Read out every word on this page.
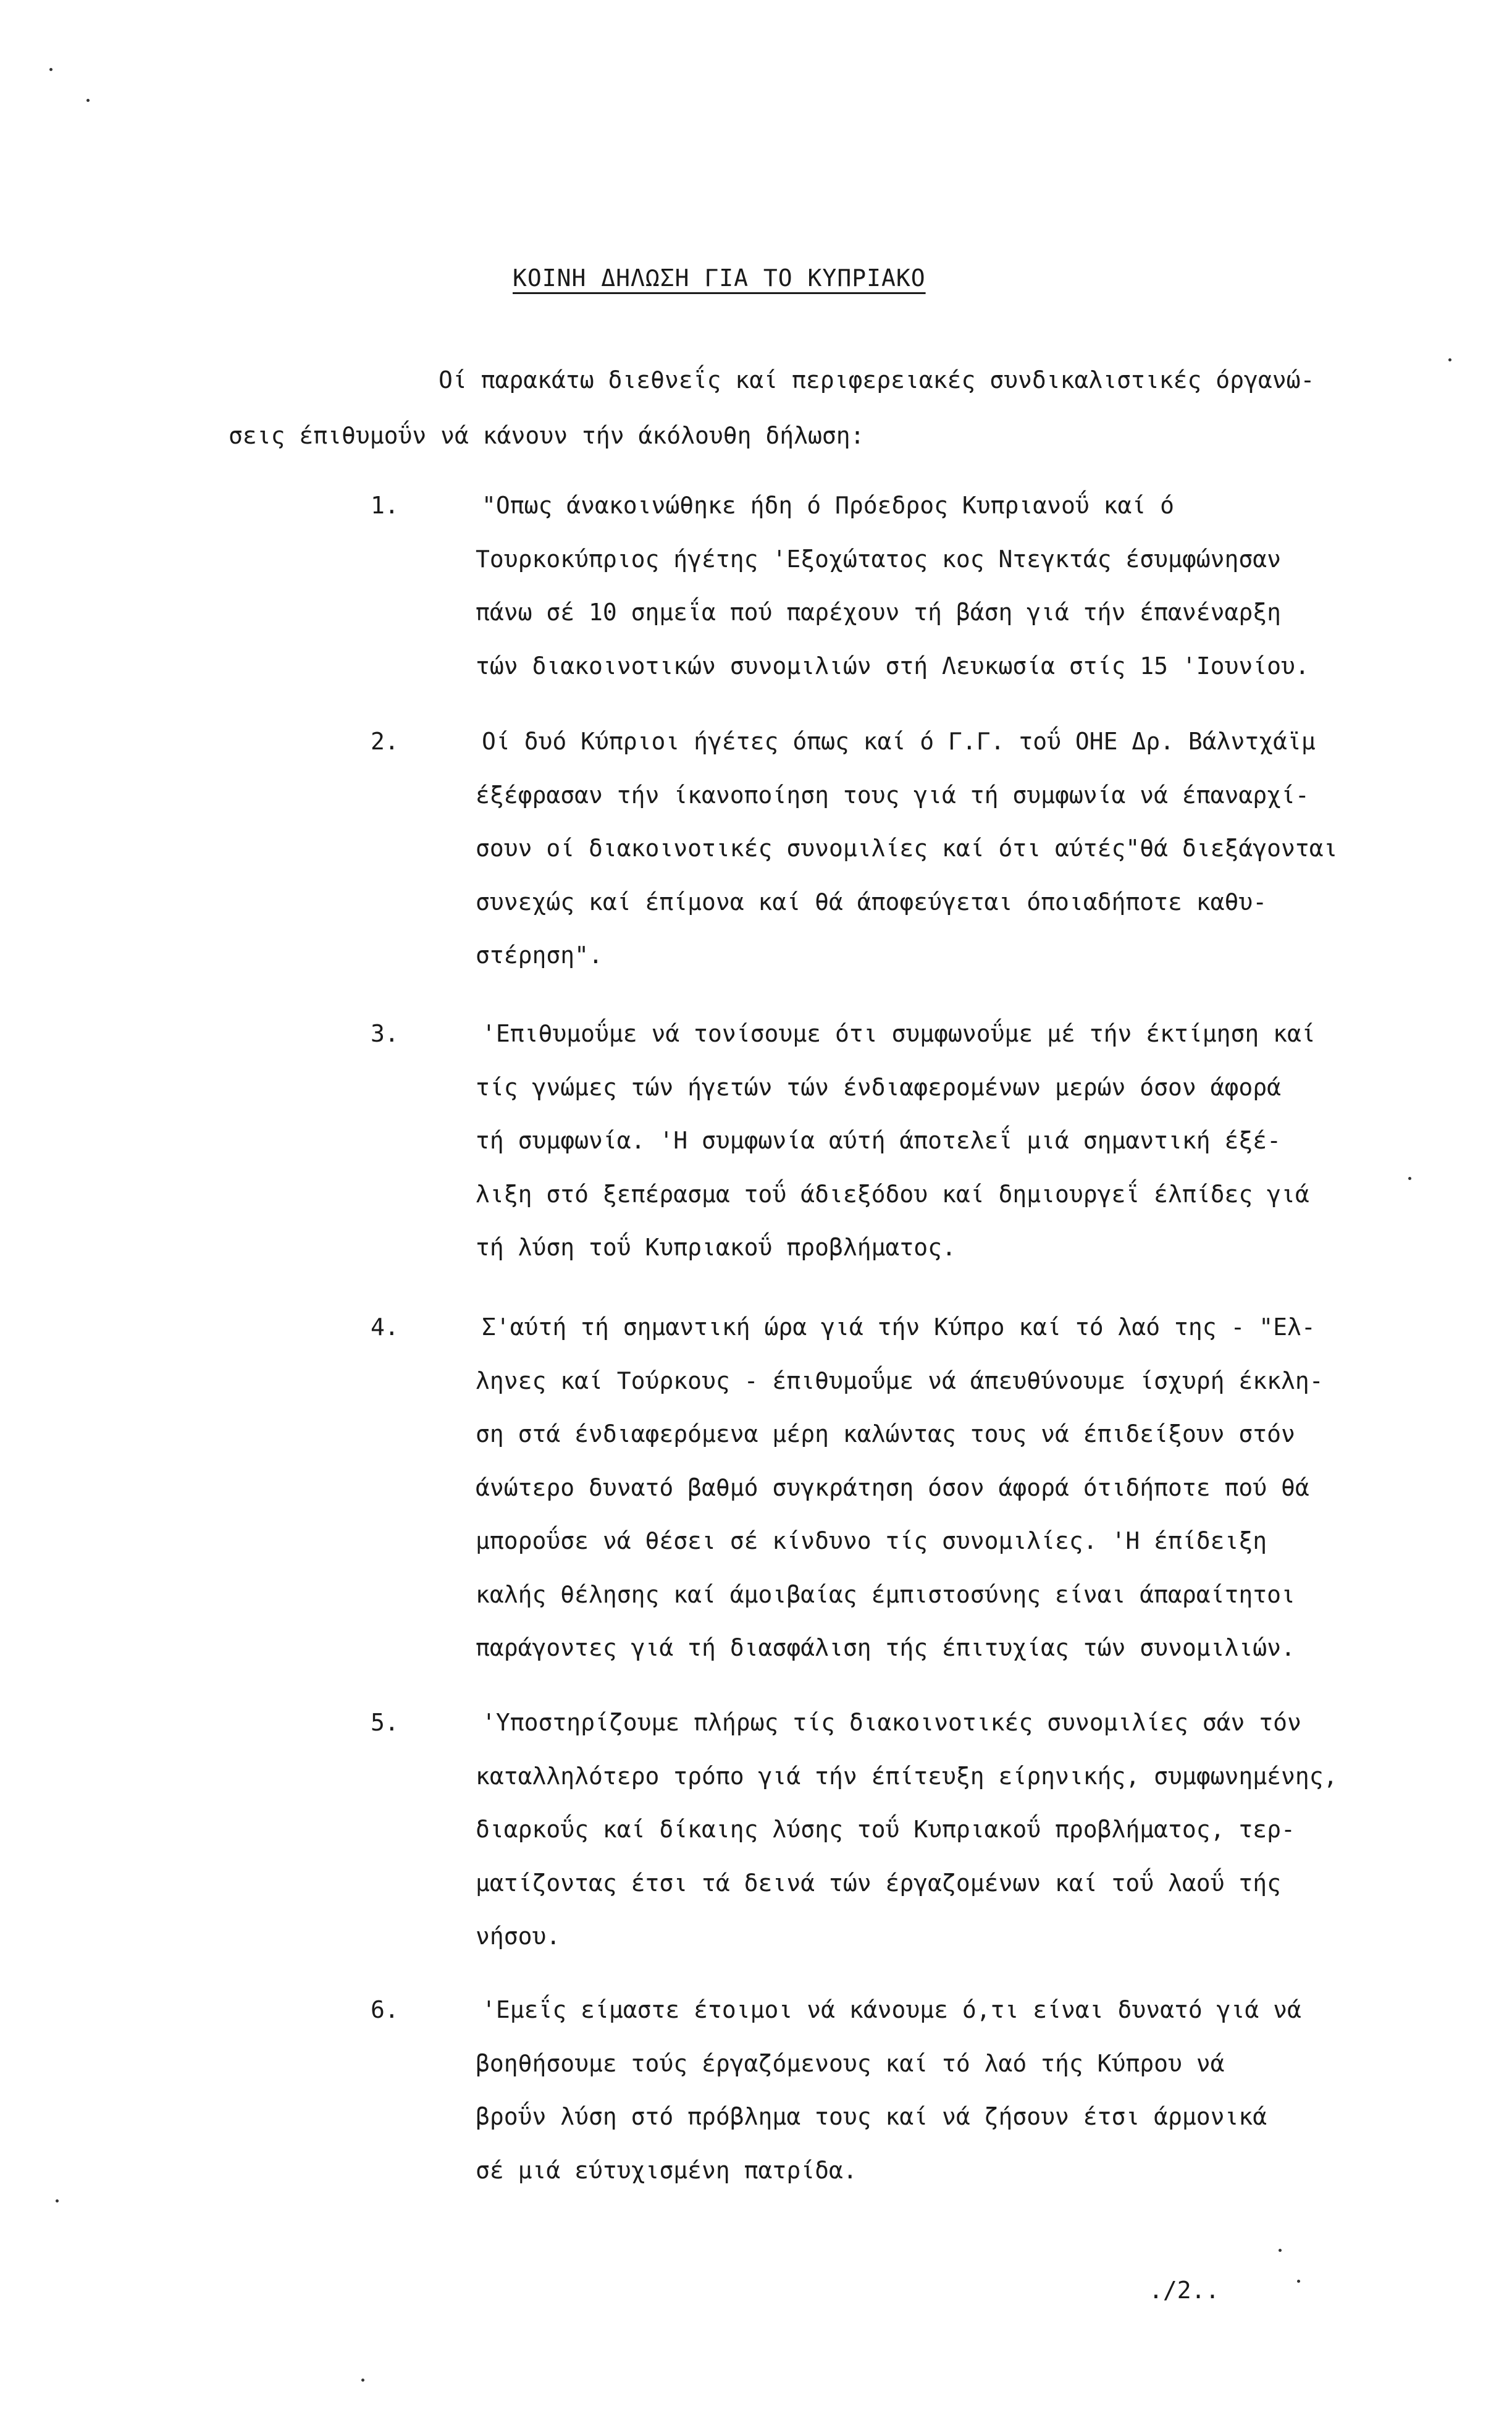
ΚΟΙΝΗ ΔΗΛΩΣΗ ΓΙΑ ΤΟ ΚΥΠΡΙΑΚΟ
Οί παρακάτω διεθνεΐς καί περιφερειακές συνδικαλιστικές όργανώ-
σεις έπιθυμοΰν νά κάνουν τήν άκόλουθη δήλωση:
1.	"Οπως άνακοινώθηκε ήδη ό Πρόεδρος Κυπριανοΰ καί ό
Τουρκοκύπριος ήγέτης 'Εξοχώτατος κος Ντεγκτάς έσυμφώνησαν
πάνω σέ 10 σημεΐα πού παρέχουν τή βάση γιά τήν έπανέναρξη
τών διακοινοτικών συνομιλιών στή Λευκωσία στίς 15 'Ιουνίου.
2.	Οί δυό Κύπριοι ήγέτες όπως καί ό Γ.Γ. τοΰ ΟΗΕ Δρ. Βάλντχάϊμ
έξέφρασαν τήν ίκανοποίηση τους γιά τή συμφωνία νά έπαναρχί-
σουν οί διακοινοτικές συνομιλίες καί ότι αύτές"θά διεξάγονται
συνεχώς καί έπίμονα καί θά άποφεύγεται όποιαδήποτε καθυ-
στέρηση".
3.	'Επιθυμοΰμε νά τονίσουμε ότι συμφωνοΰμε μέ τήν έκτίμηση καί
τίς γνώμες τών ήγετών τών ένδιαφερομένων μερών όσον άφορά
τή συμφωνία. 'Η συμφωνία αύτή άποτελεΐ μιά σημαντική έξέ-
λιξη στό ξεπέρασμα τοΰ άδιεξόδου καί δημιουργεΐ έλπίδες γιά
τή λύση τοΰ Κυπριακοΰ προβλήματος.
4.	Σ'αύτή τή σημαντική ώρα γιά τήν Κύπρο καί τό λαό της - "Ελ-
ληνες καί Τούρκους - έπιθυμοΰμε νά άπευθύνουμε ίσχυρή έκκλη-
ση στά ένδιαφερόμενα μέρη καλώντας τους νά έπιδείξουν στόν
άνώτερο δυνατό βαθμό συγκράτηση όσον άφορά ότιδήποτε πού θά
μποροΰσε νά θέσει σέ κίνδυνο τίς συνομιλίες. 'Η έπίδειξη
καλής θέλησης καί άμοιβαίας έμπιστοσύνης είναι άπαραίτητοι
παράγοντες γιά τή διασφάλιση τής έπιτυχίας τών συνομιλιών.
5.	'Υποστηρίζουμε πλήρως τίς διακοινοτικές συνομιλίες σάν τόν
καταλληλότερο τρόπο γιά τήν έπίτευξη είρηνικής, συμφωνημένης,
διαρκοΰς καί δίκαιης λύσης τοΰ Κυπριακοΰ προβλήματος, τερ-
ματίζοντας έτσι τά δεινά τών έργαζομένων καί τοΰ λαοΰ τής
νήσου.
6.	'Εμεΐς είμαστε έτοιμοι νά κάνουμε ό,τι είναι δυνατό γιά νά
βοηθήσουμε τούς έργαζόμενους καί τό λαό τής Κύπρου νά
βροΰν λύση στό πρόβλημα τους καί νά ζήσουν έτσι άρμονικά
σέ μιά εύτυχισμένη πατρίδα.
./2..
